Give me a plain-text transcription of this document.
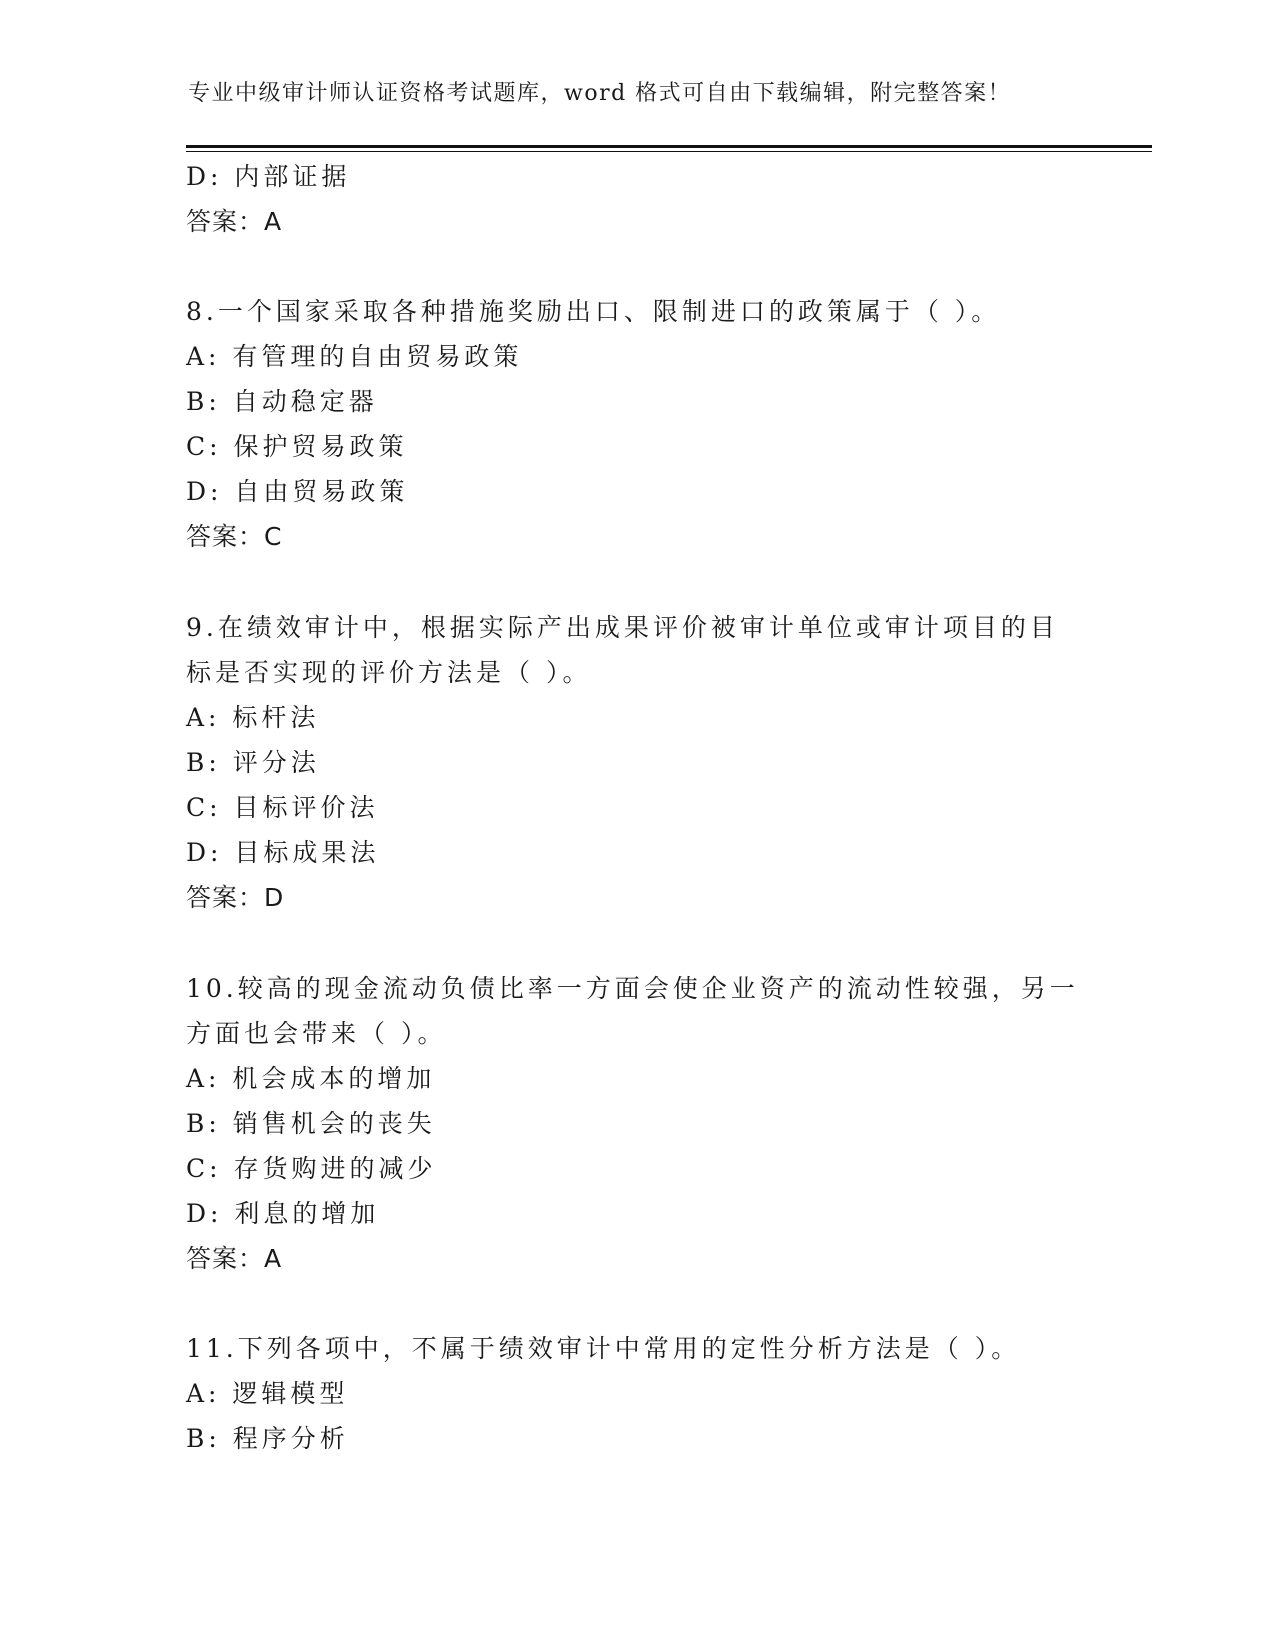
专业中级审计师认证资格考试题库，word 格式可自由下载编辑，附完整答案！
D: 内部证据
答案：A
8.一个国家采取各种措施奖励出口、限制进口的政策属于（ ）。
A: 有管理的自由贸易政策
B: 自动稳定器
C: 保护贸易政策
D: 自由贸易政策
答案：C
9.在绩效审计中，根据实际产出成果评价被审计单位或审计项目的目
标是否实现的评价方法是（ ）。
A: 标杆法
B: 评分法
C: 目标评价法
D: 目标成果法
答案：D
10.较高的现金流动负债比率一方面会使企业资产的流动性较强，另一
方面也会带来（ ）。
A: 机会成本的增加
B: 销售机会的丧失
C: 存货购进的减少
D: 利息的增加
答案：A
11.下列各项中，不属于绩效审计中常用的定性分析方法是（ ）。
A: 逻辑模型
B: 程序分析
